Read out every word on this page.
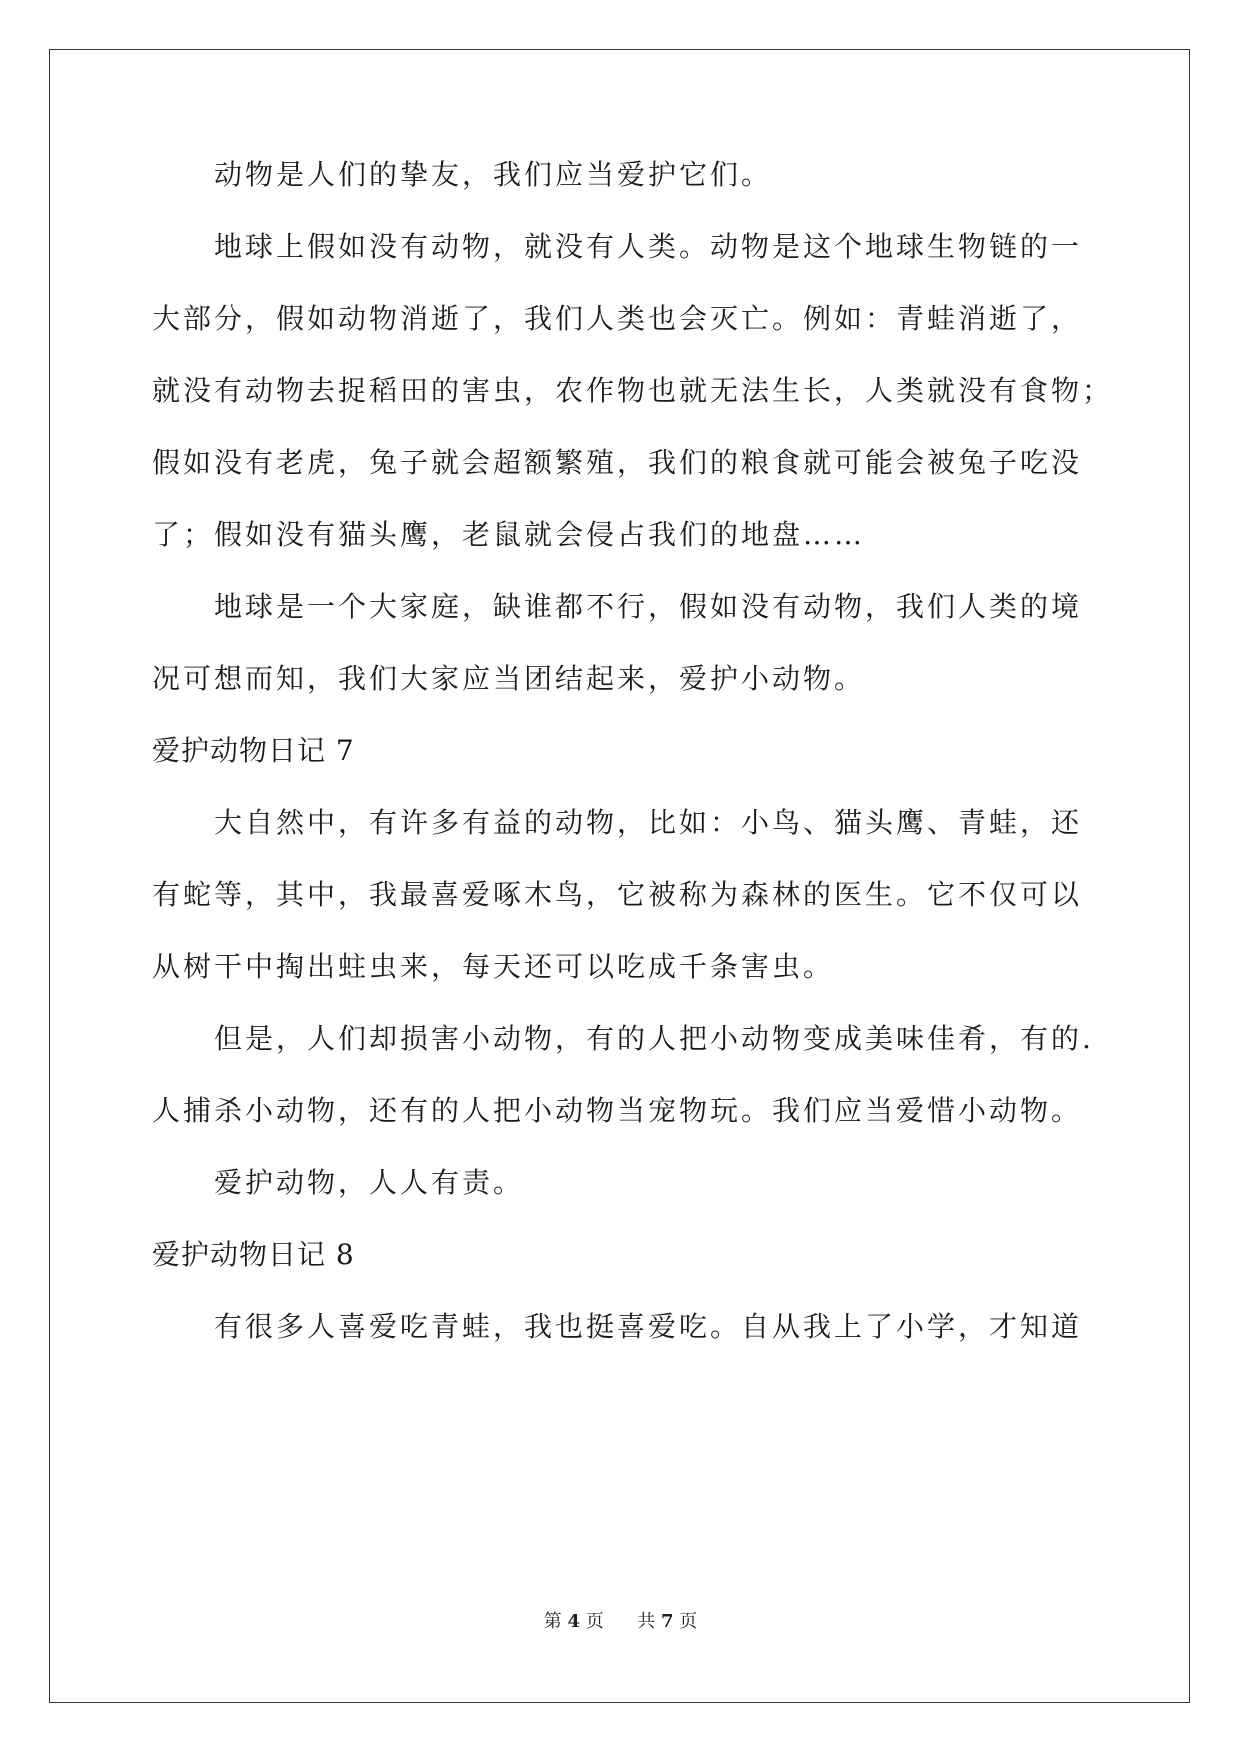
动物是人们的挚友，我们应当爱护它们。
地球上假如没有动物，就没有人类。动物是这个地球生物链的一
大部分，假如动物消逝了，我们人类也会灭亡。例如：青蛙消逝了，
就没有动物去捉稻田的害虫，农作物也就无法生长，人类就没有食物；
假如没有老虎，兔子就会超额繁殖，我们的粮食就可能会被兔子吃没
了；假如没有猫头鹰，老鼠就会侵占我们的地盘……
地球是一个大家庭，缺谁都不行，假如没有动物，我们人类的境
况可想而知，我们大家应当团结起来，爱护小动物。
爱护动物日记 7
大自然中，有许多有益的动物，比如：小鸟、猫头鹰、青蛙，还
有蛇等，其中，我最喜爱啄木鸟，它被称为森林的医生。它不仅可以
从树干中掏出蛀虫来，每天还可以吃成千条害虫。
但是，人们却损害小动物，有的人把小动物变成美味佳肴，有的.
人捕杀小动物，还有的人把小动物当宠物玩。我们应当爱惜小动物。
爱护动物，人人有责。
爱护动物日记 8
有很多人喜爱吃青蛙，我也挺喜爱吃。自从我上了小学，才知道
第 4 页 共 7 页
